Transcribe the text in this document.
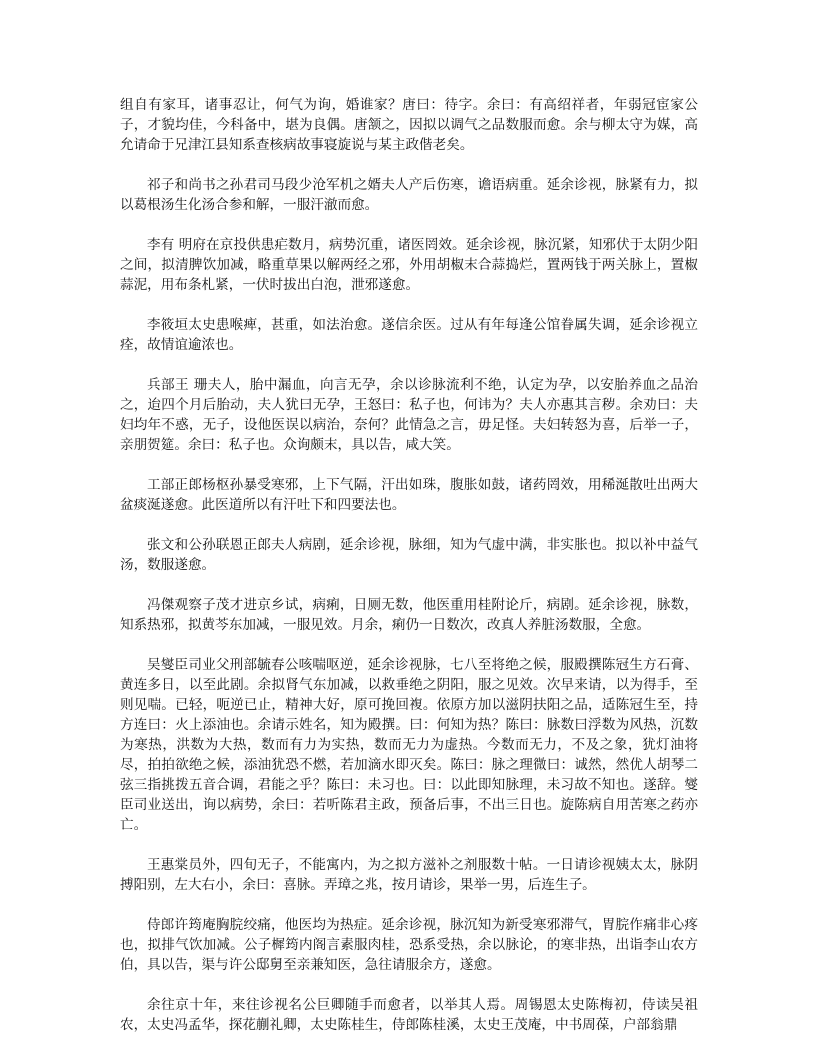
组自有家耳，诸事忍让，何气为询，婚谁家？唐曰：待字。余曰：有高绍祥者，年弱冠宦家公子，才貌均佳，今科备中，堪为良偶。唐颔之，因拟以调气之品数服而愈。余与柳太守为媒，高允请命于兄津江县知系查核病故事寝旋说与某主政偕老矣。

祁子和尚书之孙君司马段少沧军机之婿夫人产后伤寒，谵语病重。延余诊视，脉紧有力，拟以葛根汤生化汤合参和解，一服汗澈而愈。

李有 明府在京投供患疟数月，病势沉重，诸医罔效。延余诊视，脉沉紧，知邪伏于太阴少阳之间，拟清脾饮加减，略重草果以解两经之邪，外用胡椒末合蒜捣烂，置两钱于两关脉上，置椒蒜泥，用布条札紧，一伏时拔出白泡，泄邪遂愈。

李筱垣太史患喉痺，甚重，如法治愈。遂信余医。过从有年每逢公馆眷属失调，延余诊视立痊，故情谊逾浓也。

兵部王 珊夫人，胎中漏血，向言无孕，余以诊脉流利不绝，认定为孕，以安胎养血之品治之，迨四个月后胎动，夫人犹曰无孕，王怒曰：私子也，何讳为？夫人亦惠其言秽。余劝曰：夫妇均年不惑，无子，设他医误以病治，奈何？此情急之言，毋足怪。夫妇转怒为喜，后举一子，亲朋贺筵。余曰：私子也。众询颇末，具以告，咸大笑。

工部正郎杨枢孙暴受寒邪，上下气隔，汗出如珠，腹胀如鼓，诸药罔效，用稀涎散吐出两大盆痰涎遂愈。此医道所以有汗吐下和四要法也。

张文和公孙联恩正郎夫人病剧，延余诊视，脉细，知为气虚中满，非实胀也。拟以补中益气汤，数服遂愈。

冯傑观察子茂才进京乡试，病痢，日厕无数，他医重用桂附论斤，病剧。延余诊视，脉数，知系热邪，拟黄芩东加减，一服见效。月余，痢仍一日数次，改真人养脏汤数服，全愈。

吴燮臣司业父刑部毓春公咳喘呕逆，延余诊视脉，七八至将绝之候，服殿撰陈冠生方石膏、黄连多日，以至此剧。余拟肾气东加减，以救垂绝之阴阳，服之见效。次早来请，以为得手，至则见喘。已轻，呃逆已止，精神大好，原可挽回複。依原方加以滋阴扶阳之品，适陈冠生至，持方连曰：火上添油也。余请示姓名，知为殿撰。曰：何知为热？陈曰：脉数曰浮数为风热，沉数为寒热，洪数为大热，数而有力为实热，数而无力为虚热。今数而无力，不及之象，犹灯油将尽，拍拍欲绝之候，添油犹恐不燃，若加滴水即灭矣。陈曰：脉之理微曰：诚然，然优人胡琴二弦三指挑拨五音合调，君能之乎？陈曰：未习也。曰：以此即知脉理，未习故不知也。遂辞。燮臣司业送出，询以病势，余曰：若听陈君主政，预备后事，不出三日也。旋陈病自用苦寒之药亦亡。

王惠棠员外，四旬无子，不能寓内，为之拟方滋补之剂服数十帖。一日请诊视姨太太，脉阴搏阳别，左大右小，余曰：喜脉。弄璋之兆，按月请诊，果举一男，后连生子。

侍郎许筠庵胸脘绞痛，他医均为热症。延余诊视，脉沉知为新受寒邪滞气，胃脘作痛非心疼也，拟排气饮加减。公子樨筠内阁言素服肉桂，恐系受热，余以脉论，的寒非热，出诣李山农方伯，具以告，渠与许公邸舅至亲兼知医，急往请服余方，遂愈。

余往京十年，来往诊视名公巨卿随手而愈者，以举其人焉。周锡恩太史陈梅初，侍读吴祖农，太史冯孟华，探花蒯礼卿，太史陈桂生，侍郎陈桂溪，太史王茂庵，中书周葆，户部翁鼎
